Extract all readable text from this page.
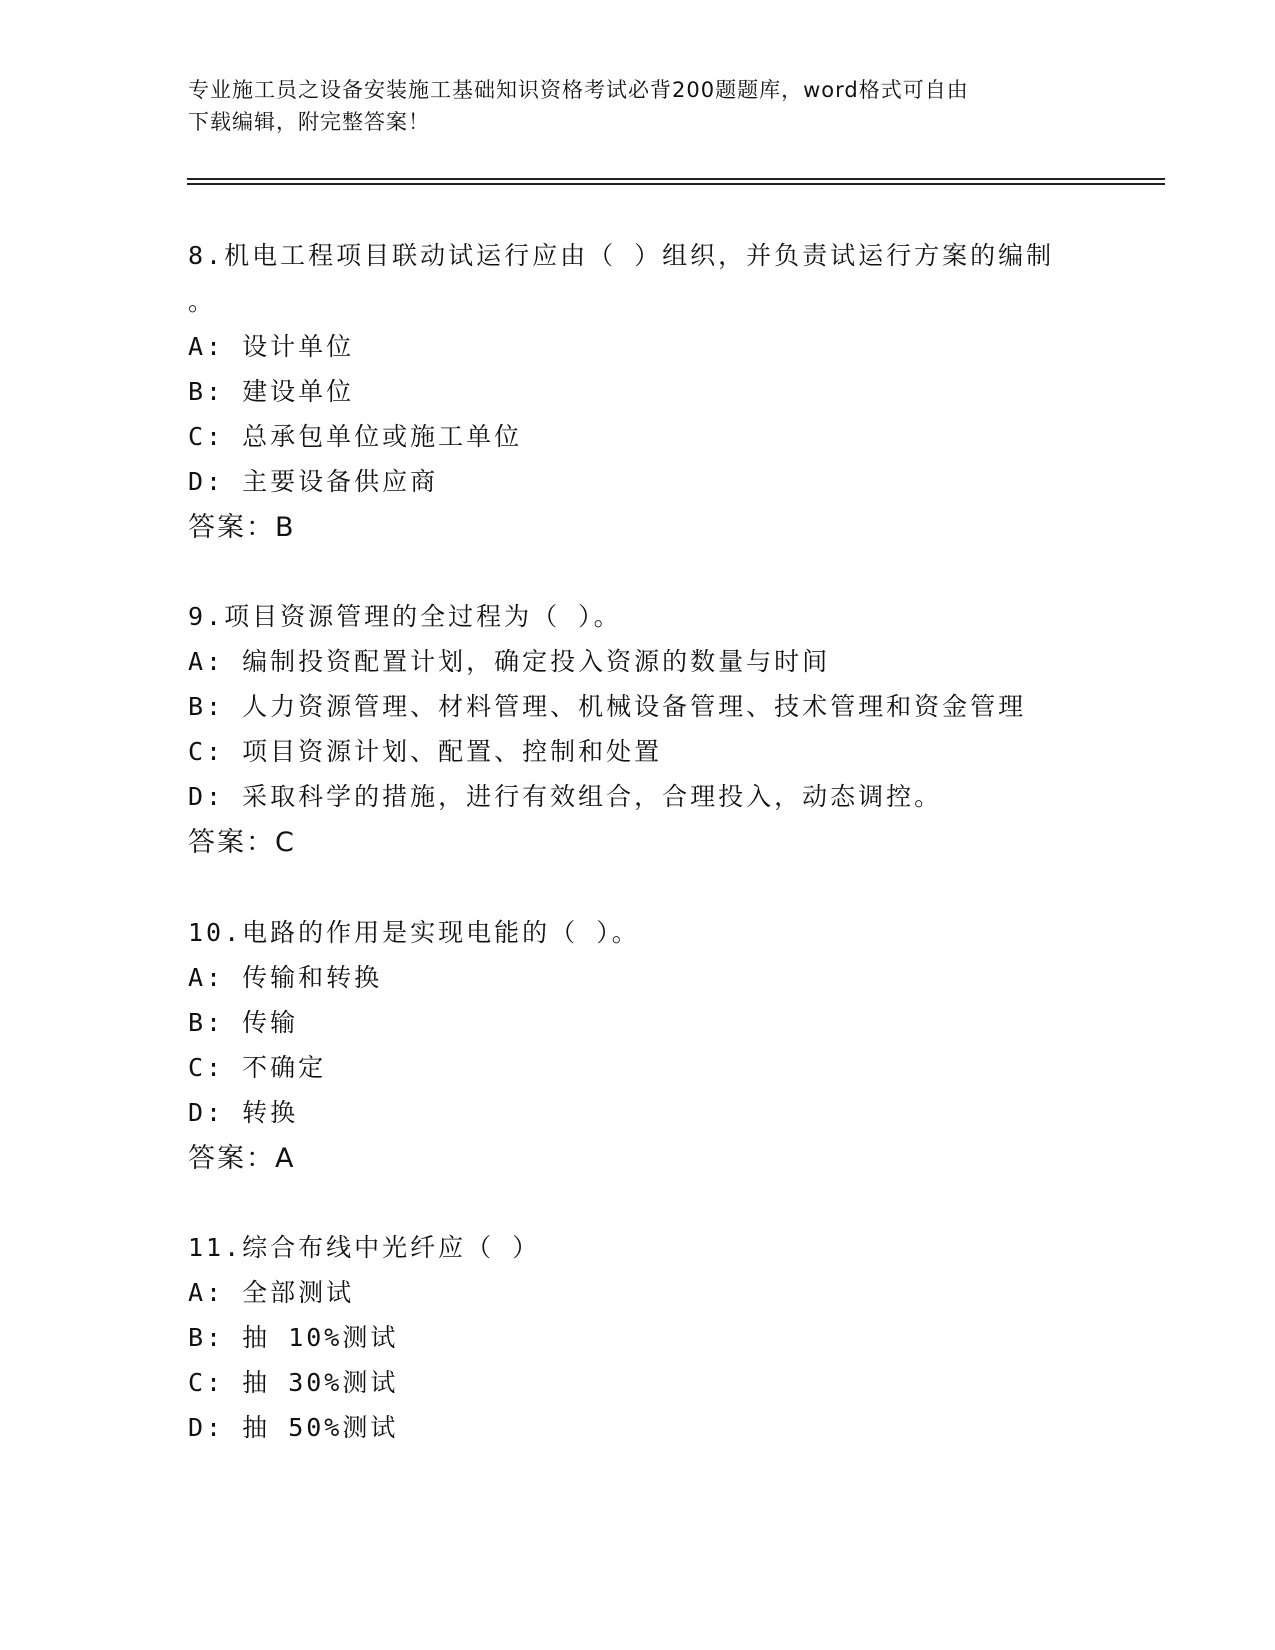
专业施工员之设备安装施工基础知识资格考试必背200题题库，word格式可自由
下载编辑，附完整答案！
8.机电工程项目联动试运行应由（ ）组织，并负责试运行方案的编制
。
A: 设计单位
B: 建设单位
C: 总承包单位或施工单位
D: 主要设备供应商
答案：B
9.项目资源管理的全过程为（ ）。
A: 编制投资配置计划，确定投入资源的数量与时间
B: 人力资源管理、材料管理、机械设备管理、技术管理和资金管理
C: 项目资源计划、配置、控制和处置
D: 采取科学的措施，进行有效组合，合理投入，动态调控。
答案：C
10.电路的作用是实现电能的（ ）。
A: 传输和转换
B: 传输
C: 不确定
D: 转换
答案：A
11.综合布线中光纤应（ ）
A: 全部测试
B: 抽 10%测试
C: 抽 30%测试
D: 抽 50%测试
